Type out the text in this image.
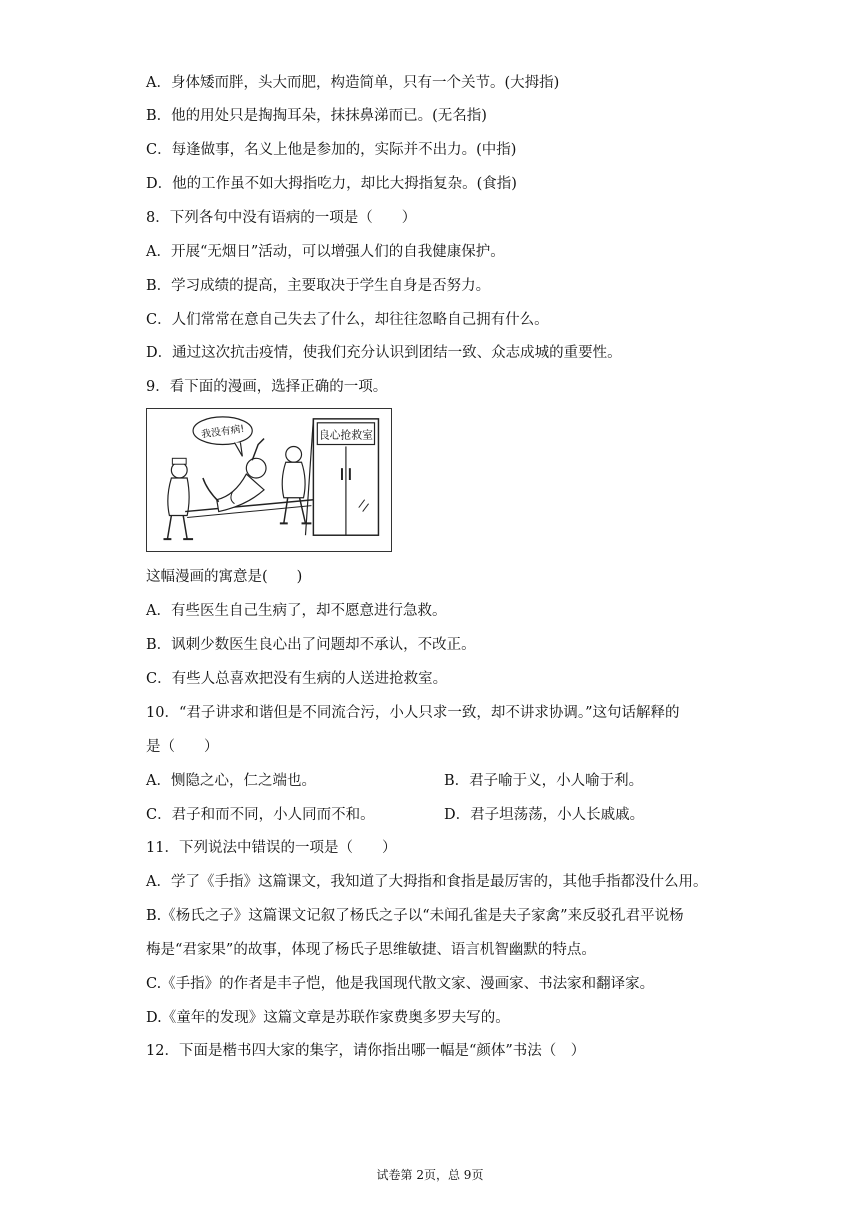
A．身体矮而胖，头大而肥，构造简单，只有一个关节。(大拇指)
B．他的用处只是掏掏耳朵，抹抹鼻涕而已。(无名指)
C．每逢做事，名义上他是参加的，实际并不出力。(中指)
D．他的工作虽不如大拇指吃力，却比大拇指复杂。(食指)
8．下列各句中没有语病的一项是（　　）
A．开展“无烟日”活动，可以增强人们的自我健康保护。
B．学习成绩的提高，主要取决于学生自身是否努力。
C．人们常常在意自己失去了什么，却往往忽略自己拥有什么。
D．通过这次抗击疫情，使我们充分认识到团结一致、众志成城的重要性。
9．看下面的漫画，选择正确的一项。
良心抢救室
我没有病!
这幅漫画的寓意是(　　)
A．有些医生自己生病了，却不愿意进行急救。
B．讽刺少数医生良心出了问题却不承认，不改正。
C．有些人总喜欢把没有生病的人送进抢救室。
10．“君子讲求和谐但是不同流合污，小人只求一致，却不讲求协调。”这句话解释的
是（　　）
A．恻隐之心，仁之端也。	B．君子喻于义，小人喻于利。
C．君子和而不同，小人同而不和。	D．君子坦荡荡，小人长戚戚。
11．下列说法中错误的一项是（　　）
A．学了《手指》这篇课文，我知道了大拇指和食指是最厉害的，其他手指都没什么用。
B.《杨氏之子》这篇课文记叙了杨氏之子以“未闻孔雀是夫子家禽”来反驳孔君平说杨
梅是“君家果”的故事，体现了杨氏子思维敏捷、语言机智幽默的特点。
C.《手指》的作者是丰子恺，他是我国现代散文家、漫画家、书法家和翻译家。
D.《童年的发现》这篇文章是苏联作家费奥多罗夫写的。
12．下面是楷书四大家的集字，请你指出哪一幅是“颜体”书法（　）
试卷第 2页，总 9页
